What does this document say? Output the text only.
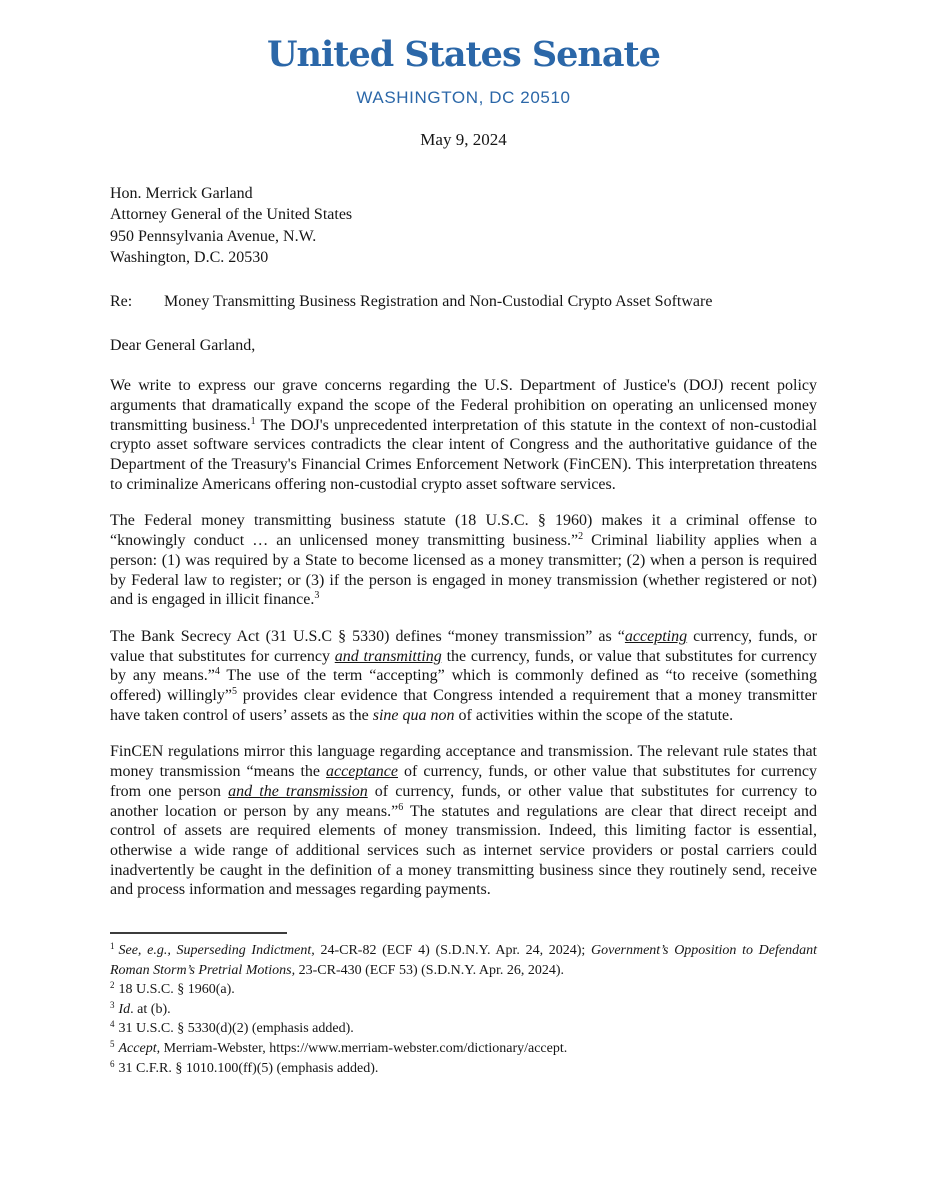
United States Senate
WASHINGTON, DC 20510
May 9, 2024
Hon. Merrick Garland
Attorney General of the United States
950 Pennsylvania Avenue, N.W.
Washington, D.C. 20530
Re: Money Transmitting Business Registration and Non-Custodial Crypto Asset Software
Dear General Garland,

We write to express our grave concerns regarding the U.S. Department of Justice's (DOJ) recent policy arguments that dramatically expand the scope of the Federal prohibition on operating an unlicensed money transmitting business.$^1$ The DOJ's unprecedented interpretation of this statute in the context of non-custodial crypto asset software services contradicts the clear intent of Congress and the authoritative guidance of the Department of the Treasury's Financial Crimes Enforcement Network (FinCEN). This interpretation threatens to criminalize Americans offering non-custodial crypto asset software services.

The Federal money transmitting business statute (18 U.S.C. § 1960) makes it a criminal offense to “knowingly conduct … an unlicensed money transmitting business.”$^2$ Criminal liability applies when a person: (1) was required by a State to become licensed as a money transmitter; (2) when a person is required by Federal law to register; or (3) if the person is engaged in money transmission (whether registered or not) and is engaged in illicit finance.$^3$

The Bank Secrecy Act (31 U.S.C § 5330) defines “money transmission” as “accepting currency, funds, or value that substitutes for currency and transmitting the currency, funds, or value that substitutes for currency by any means.”$^4$ The use of the term “accepting” which is commonly defined as “to receive (something offered) willingly”$^5$ provides clear evidence that Congress intended a requirement that a money transmitter have taken control of users’ assets as the sine qua non of activities within the scope of the statute.

FinCEN regulations mirror this language regarding acceptance and transmission. The relevant rule states that money transmission “means the acceptance of currency, funds, or other value that substitutes for currency from one person and the transmission of currency, funds, or other value that substitutes for currency to another location or person by any means.”$^6$ The statutes and regulations are clear that direct receipt and control of assets are required elements of money transmission. Indeed, this limiting factor is essential, otherwise a wide range of additional services such as internet service providers or postal carriers could inadvertently be caught in the definition of a money transmitting business since they routinely send, receive and process information and messages regarding payments.

$^1$ See, e.g., Superseding Indictment, 24-CR-82 (ECF 4) (S.D.N.Y. Apr. 24, 2024); Government’s Opposition to Defendant Roman Storm’s Pretrial Motions, 23-CR-430 (ECF 53) (S.D.N.Y. Apr. 26, 2024).

$^2$ 18 U.S.C. § 1960(a).

$^3$ Id. at (b).

$^4$ 31 U.S.C. § 5330(d)(2) (emphasis added).

$^5$ Accept, Merriam-Webster, https://www.merriam-webster.com/dictionary/accept.

$^6$ 31 C.F.R. § 1010.100(ff)(5) (emphasis added).
